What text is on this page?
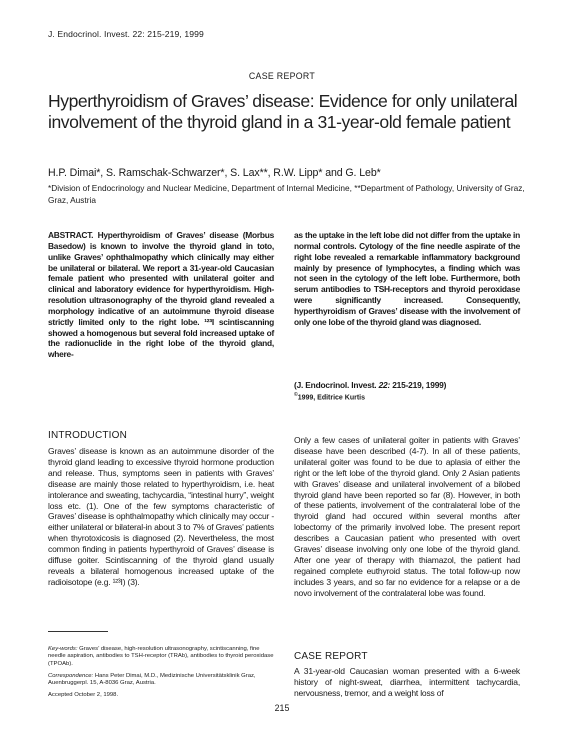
J. Endocrinol. Invest. 22: 215-219, 1999
CASE REPORT
Hyperthyroidism of Graves’ disease: Evidence for only unilateral involvement of the thyroid gland in a 31-year-old female patient
H.P. Dimai*, S. Ramschak-Schwarzer*, S. Lax**, R.W. Lipp* and G. Leb*
*Division of Endocrinology and Nuclear Medicine, Department of Internal Medicine, **Department of Pathology, University of Graz, Graz, Austria

ABSTRACT. Hyperthyroidism of Graves’ disease (Morbus Basedow) is known to involve the thyroid gland in toto, unlike Graves’ ophthalmopathy which clinically may either be unilateral or bilateral. We report a 31-year-old Caucasian female patient who presented with unilateral goiter and clinical and laboratory evidence for hyperthyroidism. High-resolution ultrasonography of the thyroid gland revealed a morphology indicative of an autoimmune thyroid disease strictly limited only to the right lobe. ¹²³I scintiscanning showed a homogenous but several fold increased uptake of the radionuclide in the right lobe of the thyroid gland, where-

as the uptake in the left lobe did not differ from the uptake in normal controls. Cytology of the fine needle aspirate of the right lobe revealed a remarkable inflammatory background mainly by presence of lymphocytes, a finding which was not seen in the cytology of the left lobe. Furthermore, both serum antibodies to TSH-receptors and thyroid peroxidase were significantly increased. Consequently, hyperthyroidism of Graves’ disease with the involvement of only one lobe of the thyroid gland was diagnosed.

(J. Endocrinol. Invest. 22: 215-219, 1999)
©1999, Editrice Kurtis
INTRODUCTION

Graves’ disease is known as an autoimmune disorder of the thyroid gland leading to excessive thyroid hormone production and release. Thus, symptoms seen in patients with Graves’ disease are mainly those related to hyperthyroidism, i.e. heat intolerance and sweating, tachycardia, “intestinal hurry”, weight loss etc. (1). One of the few symptoms characteristic of Graves’ disease is ophthalmopathy which clinically may occur - either unilateral or bilateral-in about 3 to 7% of Graves’ patients when thyrotoxicosis is diagnosed (2). Nevertheless, the most common finding in patients hyperthyroid of Graves’ disease is diffuse goiter. Scintiscanning of the thyroid gland usually reveals a bilateral homogenous increased uptake of the radioisotope (e.g. ¹²³I) (3).

Only a few cases of unilateral goiter in patients with Graves’ disease have been described (4-7). In all of these patients, unilateral goiter was found to be due to aplasia of either the right or the left lobe of the thyroid gland. Only 2 Asian patients with Graves’ disease and unilateral involvement of a bilobed thyroid gland have been reported so far (8). However, in both of these patients, involvement of the contralateral lobe of the thyroid gland had occured within several months after lobectomy of the primarily involved lobe. The present report describes a Caucasian patient who presented with overt Graves’ disease involving only one lobe of the thyroid gland. After one year of therapy with thiamazol, the patient had regained complete euthyroid status. The total follow-up now includes 3 years, and so far no evidence for a relapse or a de novo involvement of the contralateral lobe was found.

CASE REPORT

A 31-year-old Caucasian woman presented with a 6-week history of night-sweat, diarrhea, intermittent tachycardia, nervousness, tremor, and a weight loss of

Key-words: Graves’ disease, high-resolution ultrasonography, scintiscanning, fine needle aspiration, antibodies to TSH-receptor (TRAb), antibodies to thyroid peroxidase (TPOAb).

Correspondence: Hans Peter Dimai, M.D., Medizinische Universitätsklinik Graz, Auenbruggerpl. 15, A-8036 Graz, Austria.

Accepted October 2, 1998.

215
